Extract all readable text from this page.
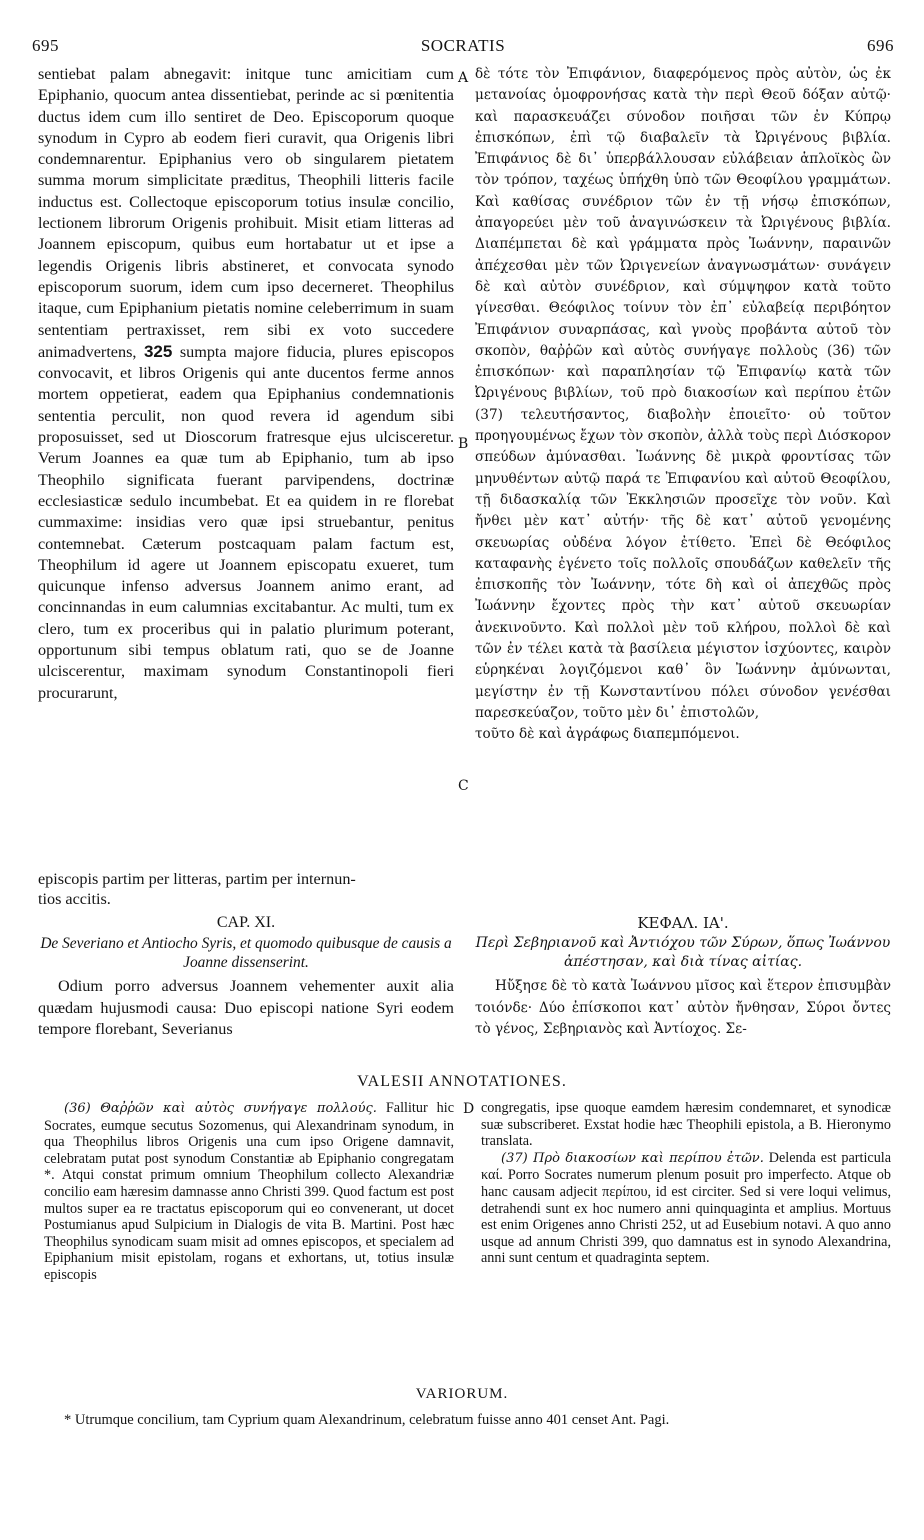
695	SOCRATIS	696

sentiebat palam abnegavit: initque tunc amicitiam cum Epiphanio, quocum antea dissentiebat, perinde ac si pœnitentia ductus idem cum illo sentiret de Deo. Episcoporum quoque synodum in Cypro ab eodem fieri curavit, qua Origenis libri condemnarentur. Epiphanius vero ob singularem pietatem summa morum simplicitate præditus, Theophili litteris facile inductus est. Collectoque episcoporum totius insulæ concilio, lectionem librorum Origenis prohibuit. Misit etiam litteras ad Joannem episcopum, quibus eum hortabatur ut et ipse a legendis Origenis libris abstineret, et convocata synodo episcoporum suorum, idem cum ipso decerneret. Theophilus itaque, cum Epiphanium pietatis nomine celeberrimum in suam sententiam pertraxisset, rem sibi ex voto succedere animadvertens, 325 sumpta majore fiducia, plures episcopos convocavit, et libros Origenis qui ante ducentos ferme annos mortem oppetierat, eadem qua Epiphanius condemnationis sententia perculit, non quod revera id agendum sibi proposuisset, sed ut Dioscorum fratresque ejus ulcisceretur. Verum Joannes ea quæ tum ab Epiphanio, tum ab ipso Theophilo significata fuerant parvipendens, doctrinæ ecclesiasticæ sedulo incumbebat. Et ea quidem in re florebat cummaxime: insidias vero quæ ipsi struebantur, penitus contemnebat. Cæterum postcaquam palam factum est, Theophilum id agere ut Joannem episcopatu exueret, tum quicunque infenso adversus Joannem animo erant, ad concinnandas in eum calumnias excitabantur. Ac multi, tum ex clero, tum ex proceribus qui in palatio plurimum poterant, opportunum sibi tempus oblatum rati, quo se de Joanne ulciscerentur, maximam synodum Constantinopoli fieri procurarunt,

δὲ τότε τὸν Ἐπιφάνιον, διαφερόμενος πρὸς αὐτὸν, ὡς ἐκ μετανοίας ὁμοφρονήσας κατὰ τὴν περὶ Θεοῦ δόξαν αὐτῷ· καὶ παρασκευάζει σύνοδον ποιῆσαι τῶν ἐν Κύπρῳ ἐπισκόπων, ἐπὶ τῷ διαβαλεῖν τὰ Ὠριγένους βιβλία. Ἐπιφάνιος δὲ δι᾽ ὑπερβάλλουσαν εὐλάβειαν ἁπλοϊκὸς ὢν τὸν τρόπον, ταχέως ὑπήχθη ὑπὸ τῶν Θεοφίλου γραμμάτων. Καὶ καθίσας συνέδριον τῶν ἐν τῇ νήσῳ ἐπισκόπων, ἀπαγορεύει μὲν τοῦ ἀναγινώσκειν τὰ Ὠριγένους βιβλία. Διαπέμπεται δὲ καὶ γράμματα πρὸς Ἰωάννην, παραινῶν ἀπέχεσθαι μὲν τῶν Ὠριγενείων ἀναγνωσμάτων· συνάγειν δὲ καὶ αὐτὸν συνέδριον, καὶ σύμψηφον κατὰ τοῦτο γίνεσθαι. Θεόφιλος τοίνυν τὸν ἐπ᾽ εὐλαβείᾳ περιβόητον Ἐπιφάνιον συναρπάσας, καὶ γνοὺς προβάντα αὐτοῦ τὸν σκοπὸν, θαῤῥῶν καὶ αὐτὸς συνήγαγε πολλοὺς (36) τῶν ἐπισκόπων· καὶ παραπλησίαν τῷ Ἐπιφανίῳ κατὰ τῶν Ὠριγένους βιβλίων, τοῦ πρὸ διακοσίων καὶ περίπου ἐτῶν (37) τελευτήσαντος, διαβολὴν ἐποιεῖτο· οὐ τοῦτον προηγουμένως ἔχων τὸν σκοπὸν, ἀλλὰ τοὺς περὶ Διόσκορον σπεύδων ἀμύνασθαι. Ἰωάννης δὲ μικρὰ φροντίσας τῶν μηνυθέντων αὐτῷ παρά τε Ἐπιφανίου καὶ αὐτοῦ Θεοφίλου, τῇ διδασκαλίᾳ τῶν Ἐκκλησιῶν προσεῖχε τὸν νοῦν. Καὶ ἤνθει μὲν κατ᾽ αὐτήν· τῆς δὲ κατ᾽ αὐτοῦ γενομένης σκευωρίας οὐδένα λόγον ἐτίθετο. Ἐπεὶ δὲ Θεόφιλος καταφανὴς ἐγένετο τοῖς πολλοῖς σπουδάζων καθελεῖν τῆς ἐπισκοπῆς τὸν Ἰωάννην, τότε δὴ καὶ οἱ ἀπεχθῶς πρὸς Ἰωάννην ἔχοντες πρὸς τὴν κατ᾽ αὐτοῦ σκευωρίαν ἀνεκινοῦντο. Καὶ πολλοὶ μὲν τοῦ κλήρου, πολλοὶ δὲ καὶ τῶν ἐν τέλει κατὰ τὰ βασίλεια μέγιστον ἰσχύοντες, καιρὸν εὑρηκέναι λογιζόμενοι καθ᾽ ὃν Ἰωάννην ἀμύνωνται, μεγίστην ἐν τῇ Κωνσταντίνου πόλει σύνοδον γενέσθαι παρεσκεύαζον, τοῦτο μὲν δι᾽ ἐπιστολῶν,

τοῦτο δὲ καὶ ἀγράφως διαπεμπόμενοι.

A
B
C
episcopis partim per litteras, partim per internun-
tios accitis.
CAP. XI.
De Severiano et Antiocho Syris, et quomodo quibusque de causis a Joanne dissenserint.
ΚΕΦΑΛ. ΙΑ'.
Περὶ Σεβηριανοῦ καὶ Ἀντιόχου τῶν Σύρων, ὅπως Ἰωάννου ἀπέστησαν, καὶ διὰ τίνας αἰτίας.
Odium porro adversus Joannem vehementer auxit alia quædam hujusmodi causa: Duo episcopi natione Syri eodem tempore florebant, Severianus
Ηὔξησε δὲ τὸ κατὰ Ἰωάννου μῖσος καὶ ἕτερον ἐπισυμβὰν τοιόνδε· Δύο ἐπίσκοποι κατ᾽ αὐτὸν ἤνθησαν, Σύροι ὄντες τὸ γένος, Σεβηριανὸς καὶ Ἀντίοχος. Σε-
VALESII ANNOTATIONES.

(36) Θαῤῥῶν καὶ αὐτὸς συνήγαγε πολλούς. Fallitur hic Socrates, eumque secutus Sozomenus, qui Alexandrinam synodum, in qua Theophilus libros Origenis una cum ipso Origene damnavit, celebratam putat post synodum Constantiæ ab Epiphanio congregatam *. Atqui constat primum omnium Theophilum collecto Alexandriæ concilio eam hæresim damnasse anno Christi 399. Quod factum est post multos super ea re tractatus episcoporum qui eo convenerant, ut docet Postumianus apud Sulpicium in Dialogis de vita B. Martini. Post hæc Theophilus synodicam suam misit ad omnes episcopos, et specialem ad Epiphanium misit epistolam, rogans et exhortans, ut, totius insulæ episcopis

D congregatis, ipse quoque eamdem hæresim condemnaret, et synodicæ suæ subscriberet. Exstat hodie hæc Theophili epistola, a B. Hieronymo translata.

(37) Πρὸ διακοσίων καὶ περίπου ἐτῶν. Delenda est particula καί. Porro Socrates numerum plenum posuit pro imperfecto. Atque ob hanc causam adjecit περίπου, id est circiter. Sed si vere loqui velimus, detrahendi sunt ex hoc numero anni quinquaginta et amplius. Mortuus est enim Origenes anno Christi 252, ut ad Eusebium notavi. A quo anno usque ad annum Christi 399, quo damnatus est in synodo Alexandrina, anni sunt centum et quadraginta septem.

VARIORUM.
* Utrumque concilium, tam Cyprium quam Alexandrinum, celebratum fuisse anno 401 censet Ant. Pagi.
